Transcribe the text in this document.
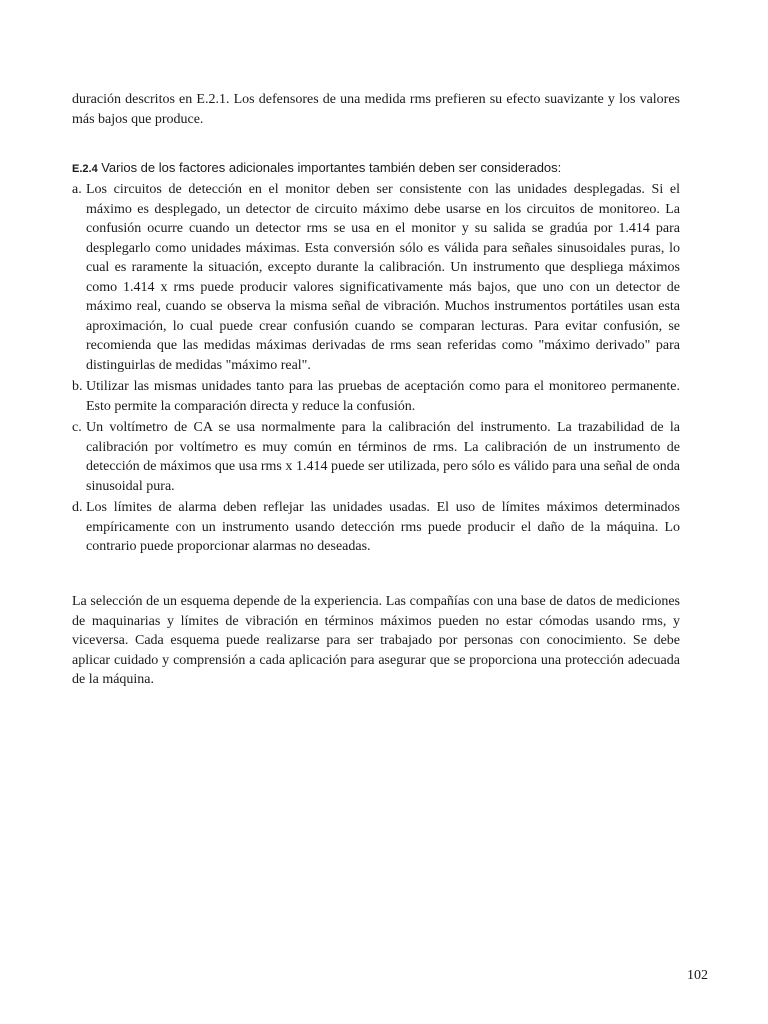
duración descritos en E.2.1. Los defensores de una medida rms prefieren su efecto suavizante y los valores más bajos que produce.

E.2.4 Varios de los factores adicionales importantes también deben ser considerados:

a. Los circuitos de detección en el monitor deben ser consistente con las unidades desplegadas. Si el máximo es desplegado, un detector de circuito máximo debe usarse en los circuitos de monitoreo. La confusión ocurre cuando un detector rms se usa en el monitor y su salida se gradúa por 1.414 para desplegarlo como unidades máximas. Esta conversión sólo es válida para señales sinusoidales puras, lo cual es raramente la situación, excepto durante la calibración. Un instrumento que despliega máximos como 1.414 x rms puede producir valores significativamente más bajos, que uno con un detector de máximo real, cuando se observa la misma señal de vibración. Muchos instrumentos portátiles usan esta aproximación, lo cual puede crear confusión cuando se comparan lecturas. Para evitar confusión, se recomienda que las medidas máximas derivadas de rms sean referidas como "máximo derivado" para distinguirlas de medidas "máximo real".
b. Utilizar las mismas unidades tanto para las pruebas de aceptación como para el monitoreo permanente. Esto permite la comparación directa y reduce la confusión.
c. Un voltímetro de CA se usa normalmente para la calibración del instrumento. La trazabilidad de la calibración por voltímetro es muy común en términos de rms. La calibración de un instrumento de detección de máximos que usa rms x 1.414 puede ser utilizada, pero sólo es válido para una señal de onda sinusoidal pura.
d. Los límites de alarma deben reflejar las unidades usadas. El uso de límites máximos determinados empíricamente con un instrumento usando detección rms puede producir el daño de la máquina. Lo contrario puede proporcionar alarmas no deseadas.

La selección de un esquema depende de la experiencia. Las compañías con una base de datos de mediciones de maquinarias y límites de vibración en términos máximos pueden no estar cómodas usando rms, y viceversa. Cada esquema puede realizarse para ser trabajado por personas con conocimiento. Se debe aplicar cuidado y comprensión a cada aplicación para asegurar que se proporciona una protección adecuada de la máquina.

102
